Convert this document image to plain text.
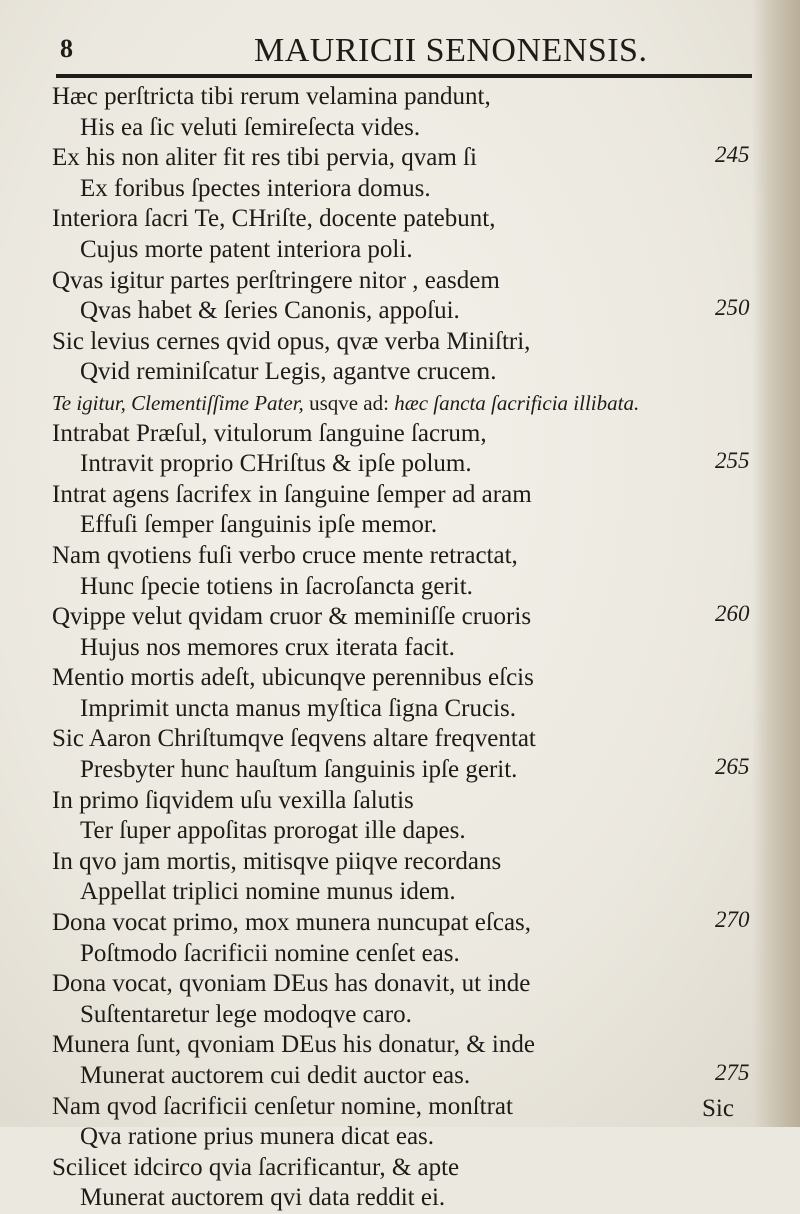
8	MAURICII SENONENSIS.
Hæc perſtricta tibi rerum velamina pandunt,
His ea ſic veluti ſemireſecta vides.
Ex his non aliter fit res tibi pervia, qvam ſi
Ex foribus ſpectes interiora domus.
Interiora ſacri Te, CHriſte, docente patebunt,
Cujus morte patent interiora poli.
Qvas igitur partes perſtringere nitor , easdem
Qvas habet & ſeries Canonis, appoſui.
Sic levius cernes qvid opus, qvæ verba Miniſtri,
Qvid reminiſcatur Legis, agantve crucem.
Te igitur, Clementiſſime Pater, usqve ad: hæc ſancta ſacrificia illibata.
Intrabat Præſul, vitulorum ſanguine ſacrum,
Intravit proprio CHriſtus & ipſe polum.
Intrat agens ſacrifex in ſanguine ſemper ad aram
Effuſi ſemper ſanguinis ipſe memor.
Nam qvotiens fuſi verbo cruce mente retractat,
Hunc ſpecie totiens in ſacroſancta gerit.
Qvippe velut qvidam cruor & meminiſſe cruoris
Hujus nos memores crux iterata facit.
Mentio mortis adeſt, ubicunqve perennibus eſcis
Imprimit uncta manus myſtica ſigna Crucis.
Sic Aaron Chriſtumqve ſeqvens altare freqventat
Presbyter hunc hauſtum ſanguinis ipſe gerit.
In primo ſiqvidem uſu vexilla ſalutis
Ter ſuper appoſitas prorogat ille dapes.
In qvo jam mortis, mitisqve piiqve recordans
Appellat triplici nomine munus idem.
Dona vocat primo, mox munera nuncupat eſcas,
Poſtmodo ſacrificii nomine cenſet eas.
Dona vocat, qvoniam DEus has donavit, ut inde
Suſtentaretur lege modoqve caro.
Munera ſunt, qvoniam DEus his donatur, & inde
Munerat auctorem cui dedit auctor eas.
Nam qvod ſacrificii cenſetur nomine, monſtrat
Qva ratione prius munera dicat eas.
Scilicet idcirco qvia ſacrificantur, & apte
Munerat auctorem qvi data reddit ei.
245
250
255
260
265
270
275
Sic
